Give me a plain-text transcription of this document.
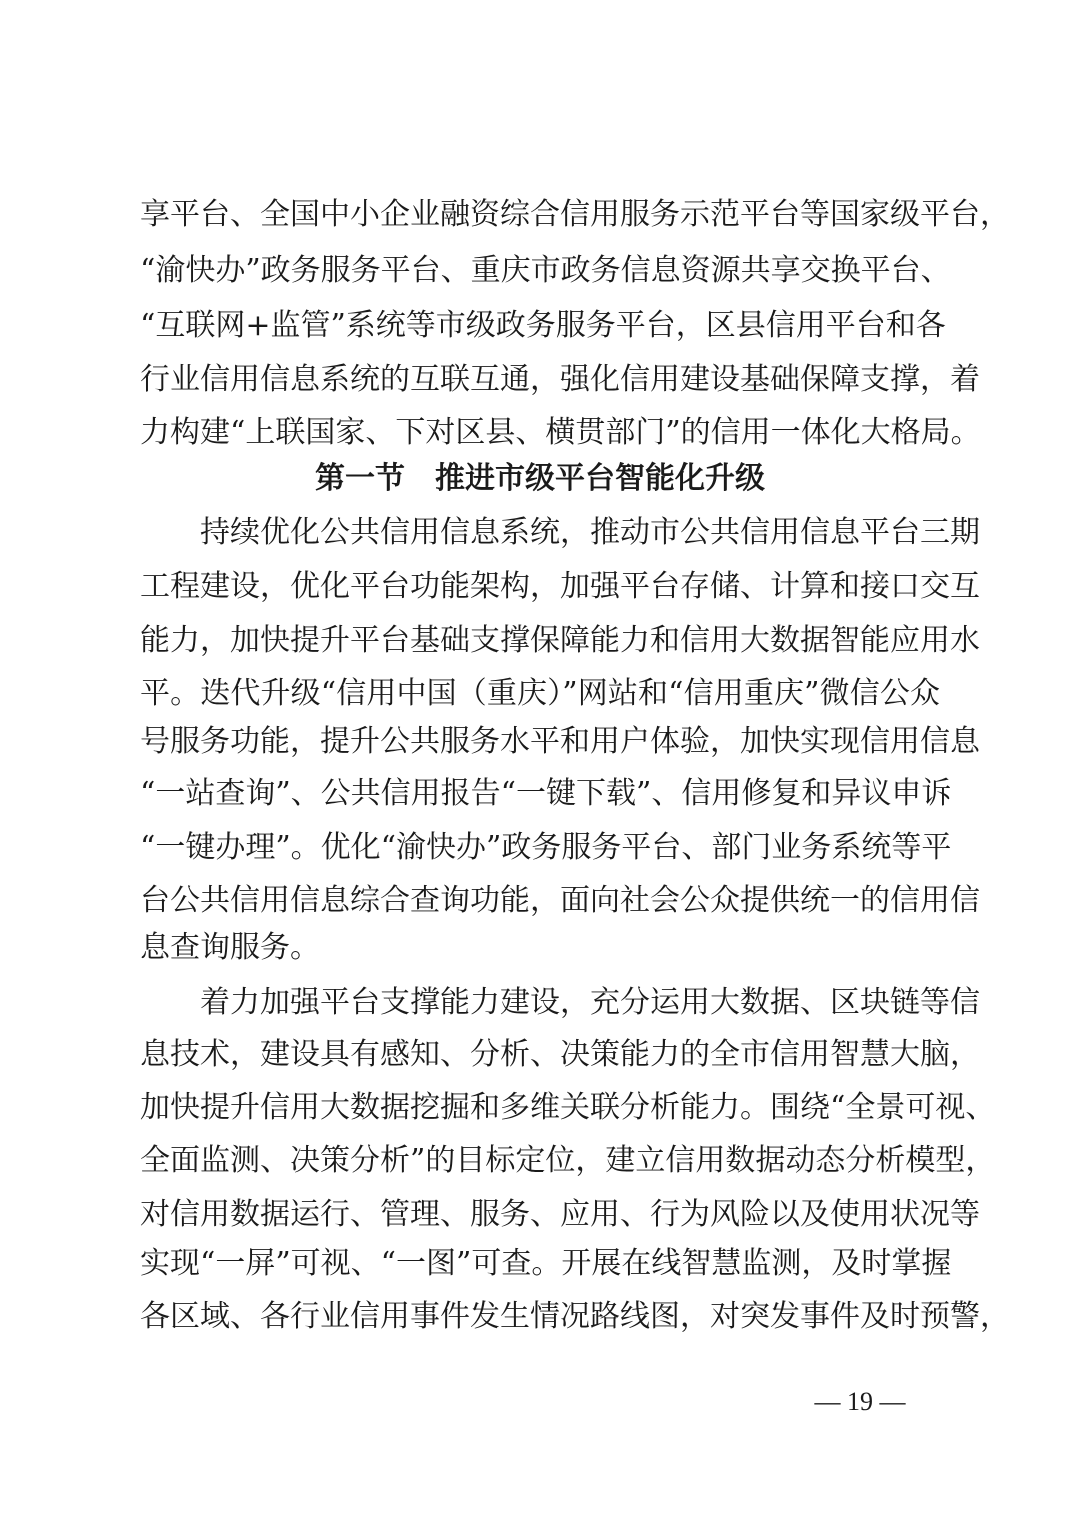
享平台、全国中小企业融资综合信用服务示范平台等国家级平台，
“渝快办”政务服务平台、重庆市政务信息资源共享交换平台、
“互联网+监管”系统等市级政务服务平台，区县信用平台和各
行业信用信息系统的互联互通，强化信用建设基础保障支撑，着
力构建“上联国家、下对区县、横贯部门”的信用一体化大格局。
第一节　推进市级平台智能化升级
持续优化公共信用信息系统，推动市公共信用信息平台三期
工程建设，优化平台功能架构，加强平台存储、计算和接口交互
能力，加快提升平台基础支撑保障能力和信用大数据智能应用水
平。迭代升级“信用中国（重庆）”网站和“信用重庆”微信公众
号服务功能，提升公共服务水平和用户体验，加快实现信用信息
“一站查询”、公共信用报告“一键下载”、信用修复和异议申诉
“一键办理”。优化“渝快办”政务服务平台、部门业务系统等平
台公共信用信息综合查询功能，面向社会公众提供统一的信用信
息查询服务。
着力加强平台支撑能力建设，充分运用大数据、区块链等信
息技术，建设具有感知、分析、决策能力的全市信用智慧大脑，
加快提升信用大数据挖掘和多维关联分析能力。围绕“全景可视、
全面监测、决策分析”的目标定位，建立信用数据动态分析模型，
对信用数据运行、管理、服务、应用、行为风险以及使用状况等
实现“一屏”可视、“一图”可查。开展在线智慧监测，及时掌握
各区域、各行业信用事件发生情况路线图，对突发事件及时预警，
— 19 —
